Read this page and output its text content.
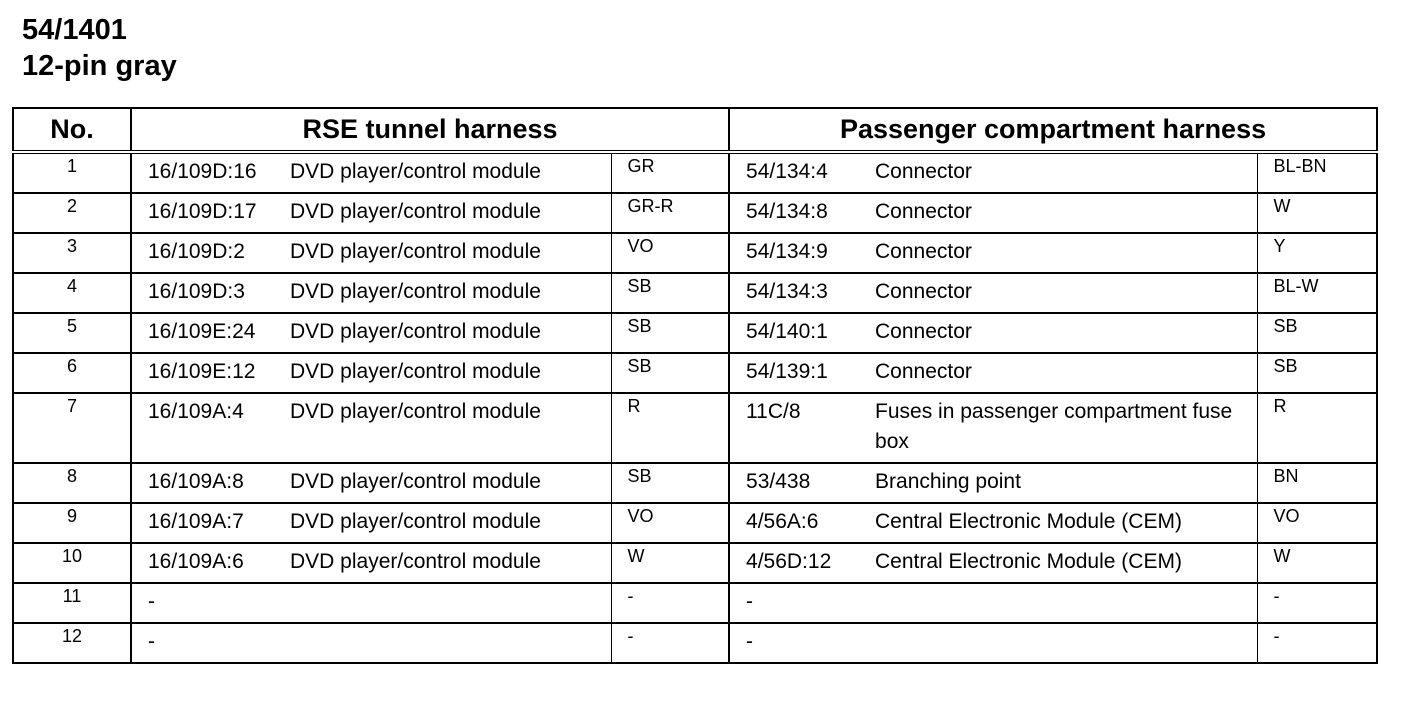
54/1401
12-pin gray
No.	RSE tunnel harness		Passenger compartment harness		
1	16/109D:16 DVD player/control module	GR	54/134:4	Connector	BL-BN
2	16/109D:17 DVD player/control module	GR-R	54/134:8	Connector	W
3	16/109D:2 DVD player/control module	VO	54/134:9	Connector	Y
4	16/109D:3 DVD player/control module	SB	54/134:3	Connector	BL-W
5	16/109E:24 DVD player/control module	SB	54/140:1	Connector	SB
6	16/109E:12 DVD player/control module	SB	54/139:1	Connector	SB
7	16/109A:4 DVD player/control module	R	11C/8	Fuses in passenger compartment fuse box	R
8	16/109A:8 DVD player/control module	SB	53/438	Branching point	BN
9	16/109A:7 DVD player/control module	VO	4/56A:6	Central Electronic Module (CEM)	VO
10	16/109A:6 DVD player/control module	W	4/56D:12	Central Electronic Module (CEM)	W
11	-	-	-		-
12	-	-	-		-
